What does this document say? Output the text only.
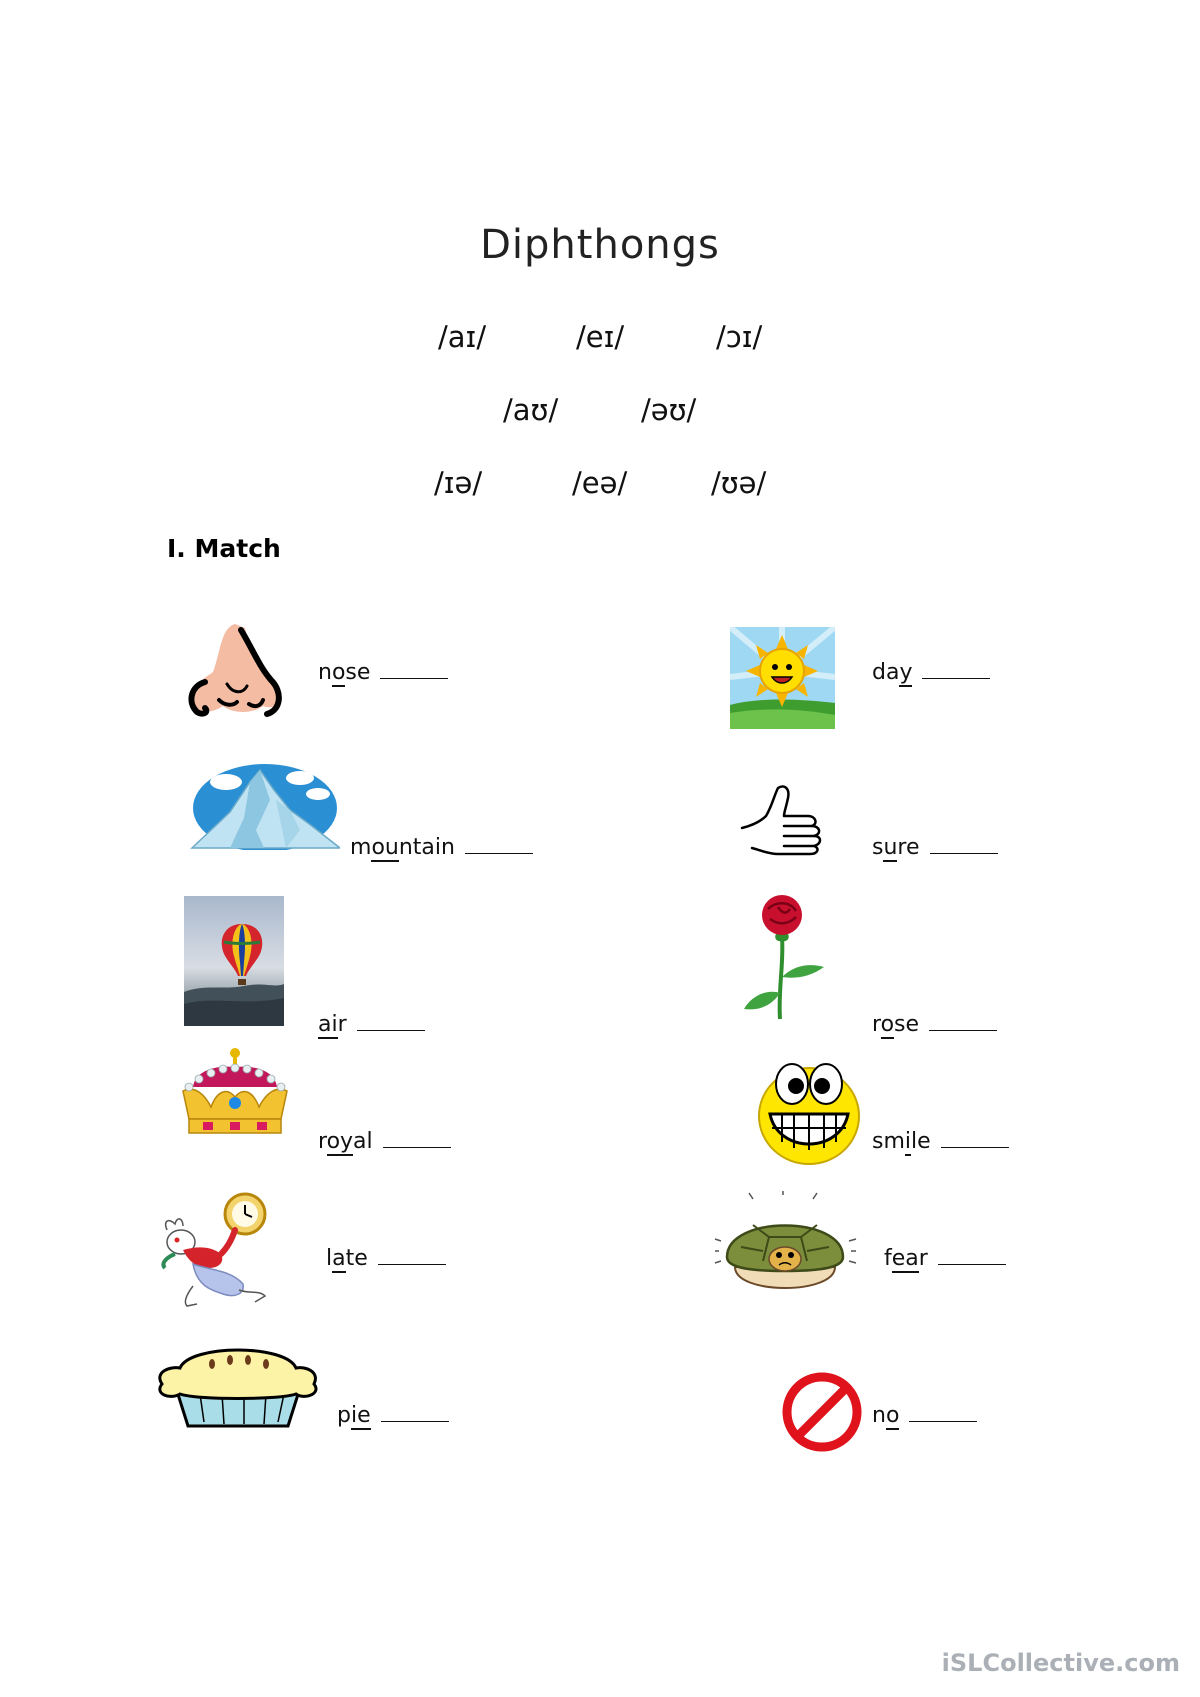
Diphthongs
/aɪ/	/eɪ/	/ɔɪ/
/aʊ/	/əʊ/
/ɪə/	/eə/	/ʊə/
I. Match
nose	day
mountain	sure
air	rose
royal	smile
late	fear
pie	no
iSLCollective.com
